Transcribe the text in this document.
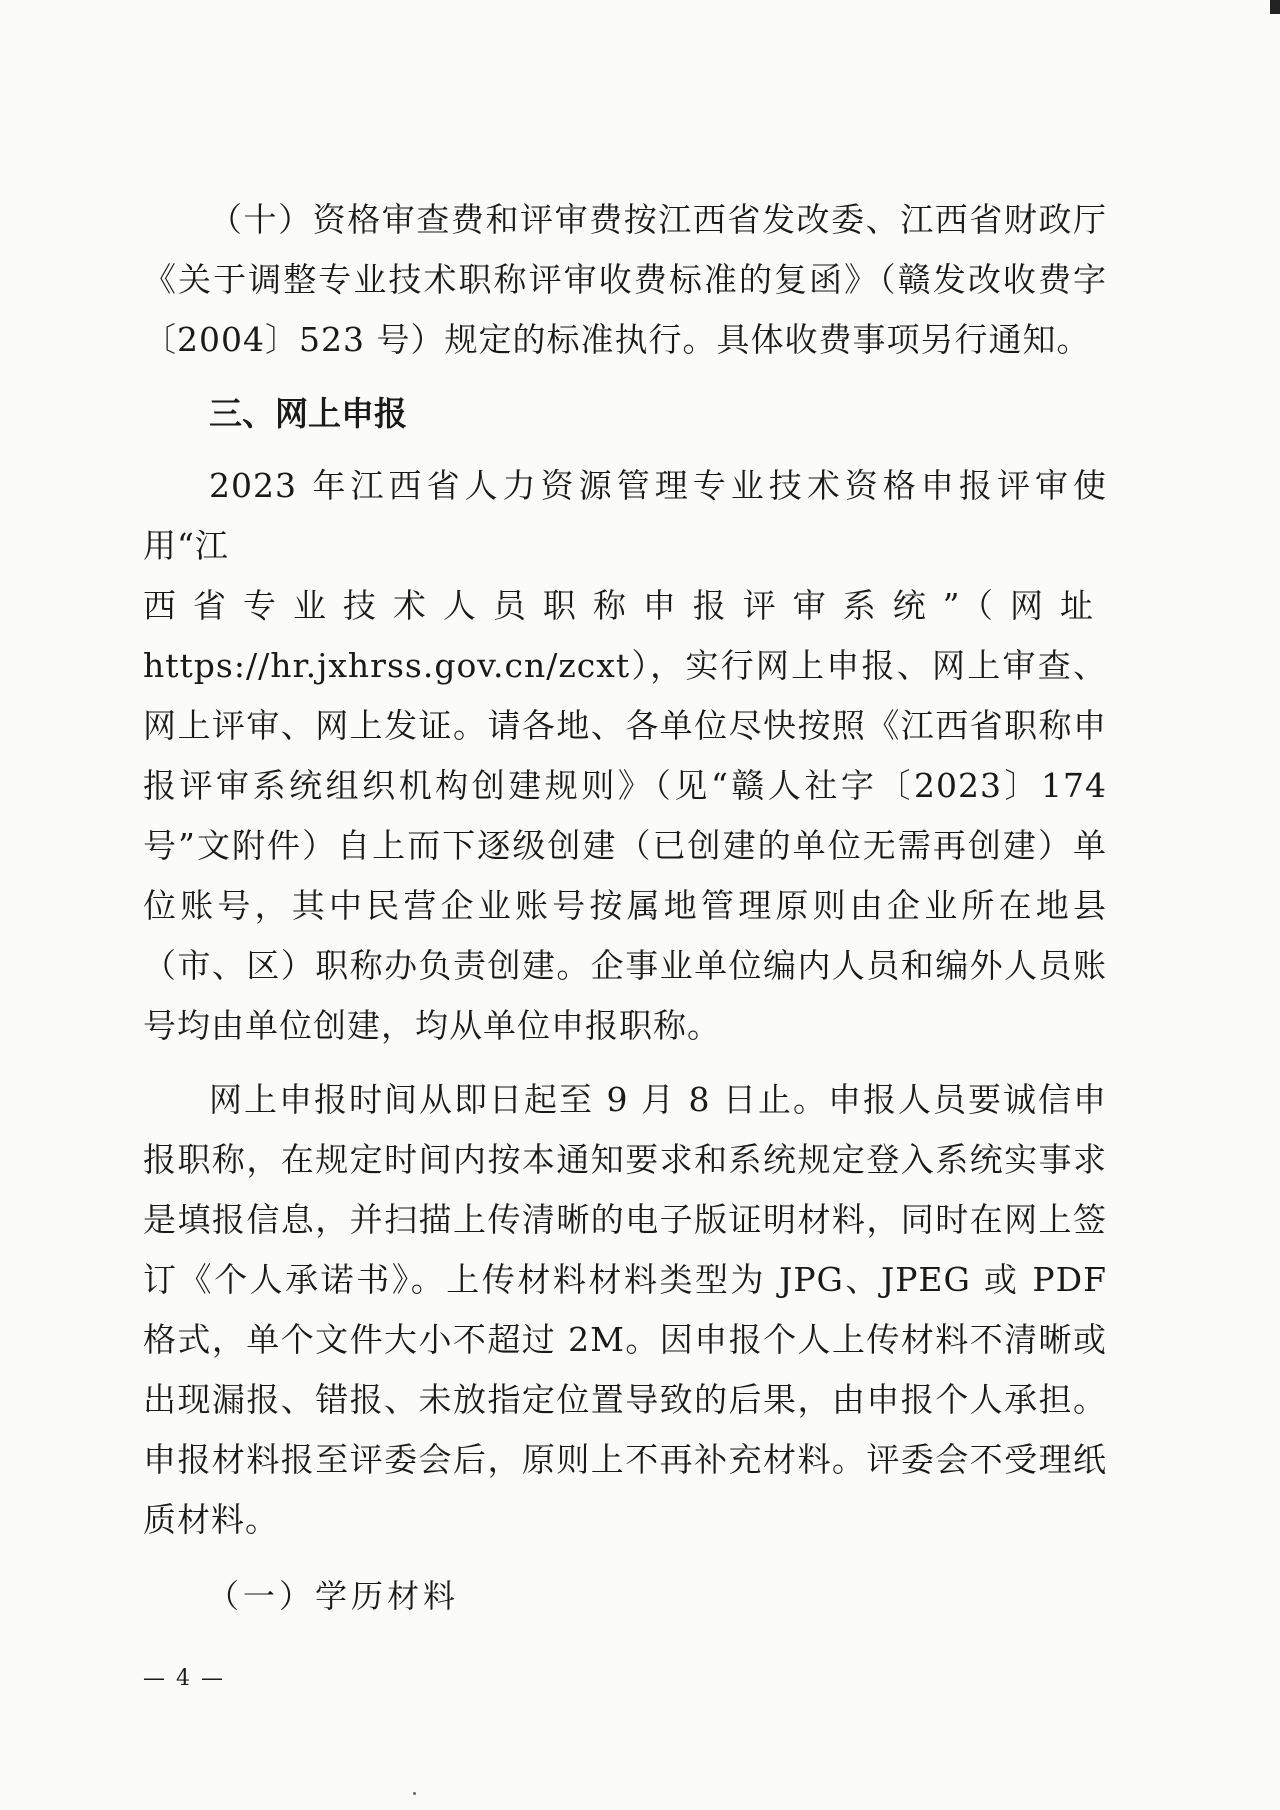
（十）资格审查费和评审费按江西省发改委、江西省财政厅《关于调整专业技术职称评审收费标准的复函》（赣发改收费字〔2004〕523 号）规定的标准执行。具体收费事项另行通知。

三、网上申报

2023 年江西省人力资源管理专业技术资格申报评审使用“江

西省专业技术人员职称申报评审系统”（网址

https://hr.jxhrss.gov.cn/zcxt），实行网上申报、网上审查、网上评审、网上发证。请各地、各单位尽快按照《江西省职称申报评审系统组织机构创建规则》（见“赣人社字〔2023〕174 号”文附件）自上而下逐级创建（已创建的单位无需再创建）单位账号，其中民营企业账号按属地管理原则由企业所在地县（市、区）职称办负责创建。企事业单位编内人员和编外人员账号均由单位创建，均从单位申报职称。

网上申报时间从即日起至 9 月 8 日止。申报人员要诚信申报职称，在规定时间内按本通知要求和系统规定登入系统实事求是填报信息，并扫描上传清晰的电子版证明材料，同时在网上签订《个人承诺书》。上传材料材料类型为 JPG、JPEG 或 PDF 格式，单个文件大小不超过 2M。因申报个人上传材料不清晰或出现漏报、错报、未放指定位置导致的后果，由申报个人承担。申报材料报至评委会后，原则上不再补充材料。评委会不受理纸质材料。

（一）学历材料
— 4 —
